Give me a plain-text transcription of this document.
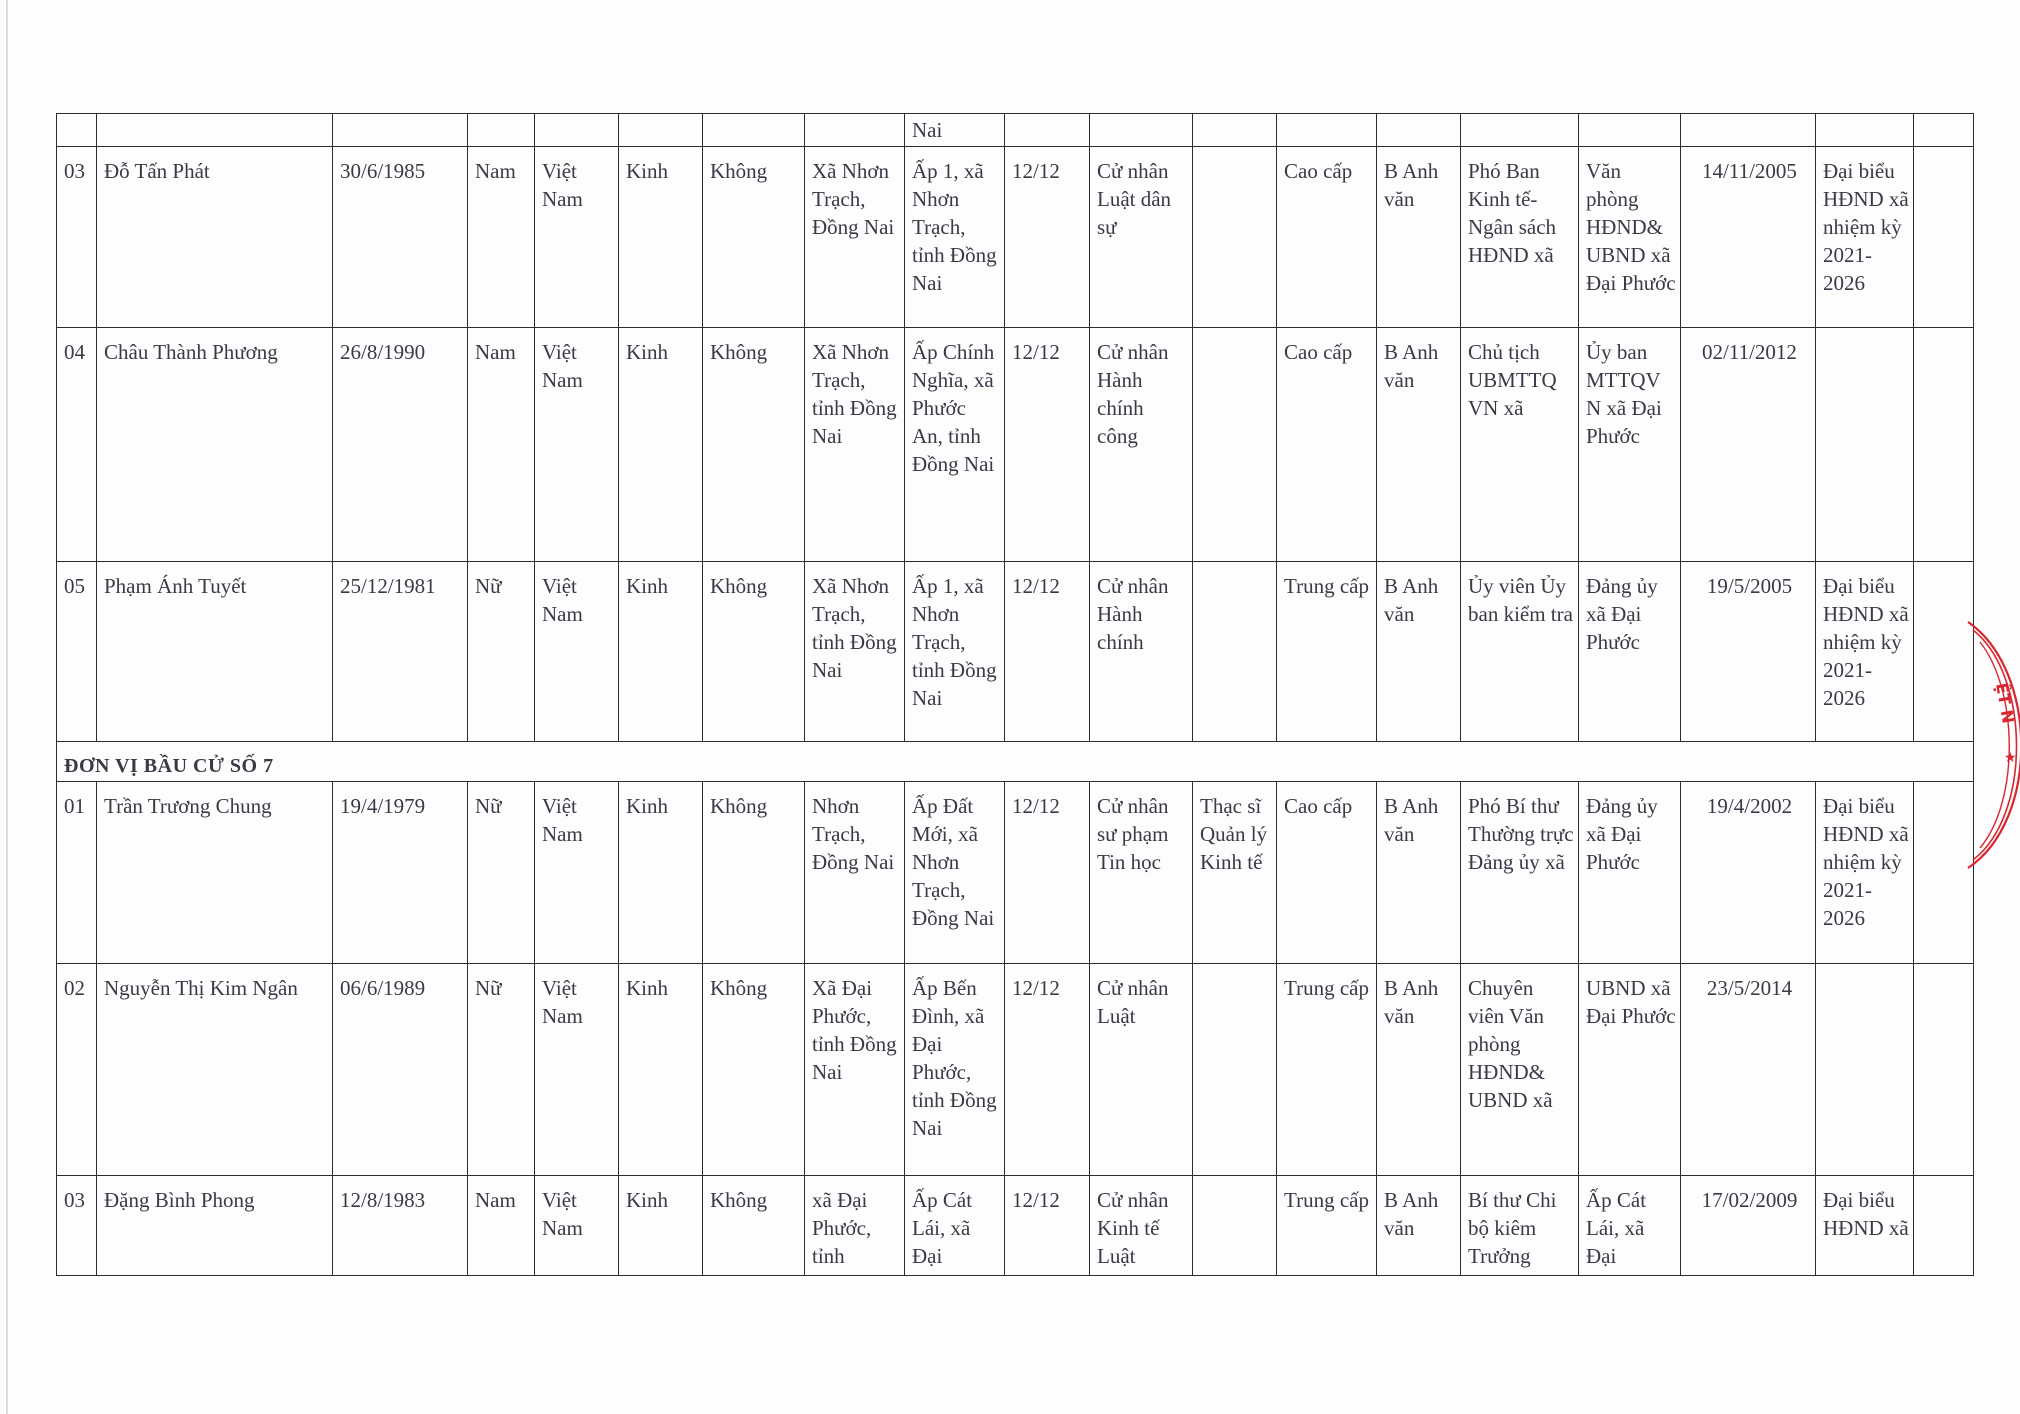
								Nai										
03	Đỗ Tấn Phát	30/6/1985	Nam	Việt Nam	Kinh	Không	Xã Nhơn Trạch, Đồng Nai	Ấp 1, xã Nhơn Trạch, tỉnh Đồng Nai	12/12	Cử nhân Luật dân sự		Cao cấp	B Anh văn	Phó Ban Kinh tế- Ngân sách HĐND xã	Văn phòng HĐND& UBND xã Đại Phước	14/11/2005	Đại biểu HĐND xã nhiệm kỳ 2021-2026	
04	Châu Thành Phương	26/8/1990	Nam	Việt Nam	Kinh	Không	Xã Nhơn Trạch, tỉnh Đồng Nai	Ấp Chính Nghĩa, xã Phước An, tỉnh Đồng Nai	12/12	Cử nhân Hành chính công		Cao cấp	B Anh văn	Chủ tịch UBMTTQ VN xã	Ủy ban MTTQV N xã Đại Phước	02/11/2012		
05	Phạm Ánh Tuyết	25/12/1981	Nữ	Việt Nam	Kinh	Không	Xã Nhơn Trạch, tỉnh Đồng Nai	Ấp 1, xã Nhơn Trạch, tỉnh Đồng Nai	12/12	Cử nhân Hành chính		Trung cấp	B Anh văn	Ủy viên Ủy ban kiểm tra	Đảng ủy xã Đại Phước	19/5/2005	Đại biểu HĐND xã nhiệm kỳ 2021-2026	
ĐƠN VỊ BẦU CỬ SỐ 7																		
01	Trần Trương Chung	19/4/1979	Nữ	Việt Nam	Kinh	Không	Nhơn Trạch, Đồng Nai	Ấp Đất Mới, xã Nhơn Trạch, Đồng Nai	12/12	Cử nhân sư phạm Tin học	Thạc sĩ Quản lý Kinh tế	Cao cấp	B Anh văn	Phó Bí thư Thường trực Đảng ủy xã	Đảng ủy xã Đại Phước	19/4/2002	Đại biểu HĐND xã nhiệm kỳ 2021-2026	
02	Nguyễn Thị Kim Ngân	06/6/1989	Nữ	Việt Nam	Kinh	Không	Xã Đại Phước, tỉnh Đồng Nai	Ấp Bến Đình, xã Đại Phước, tỉnh Đồng Nai	12/12	Cử nhân Luật		Trung cấp	B Anh văn	Chuyên viên Văn phòng HĐND& UBND xã	UBND xã Đại Phước	23/5/2014		
03	Đặng Bình Phong	12/8/1983	Nam	Việt Nam	Kinh	Không	xã Đại Phước, tỉnh	Ấp Cát Lái, xã Đại	12/12	Cử nhân Kinh tế Luật		Trung cấp	B Anh văn	Bí thư Chi bộ kiêm Trưởng	Ấp Cát Lái, xã Đại	17/02/2009	Đại biểu HĐND xã	
ỆT N
★
